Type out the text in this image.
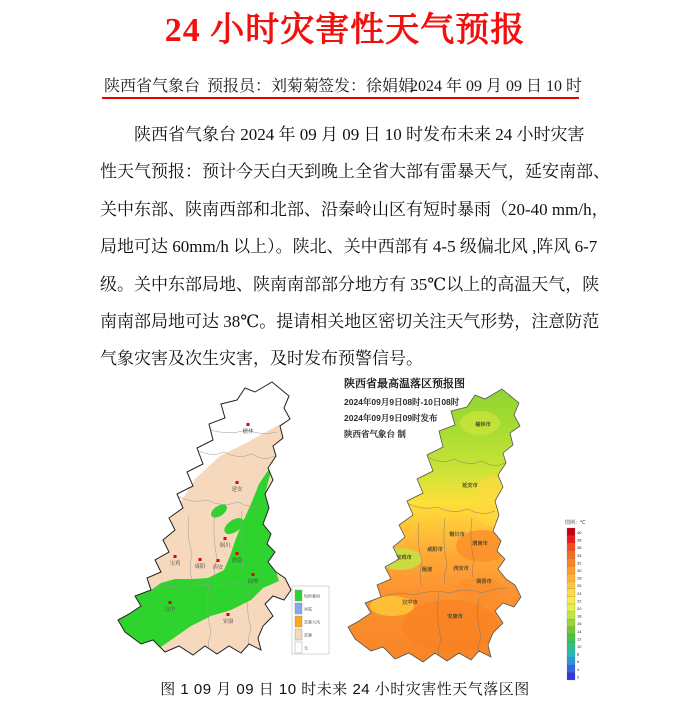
24 小时灾害性天气预报
陕西省气象台 预报员：刘菊菊
签发：徐娟娟
2024 年 09 月 09 日 10 时
　　陕西省气象台 2024 年 09 月 09 日 10 时发布未来 24 小时灾害
性天气预报：预计今天白天到晚上全省大部有雷暴天气，延安南部、
关中东部、陕南西部和北部、沿秦岭山区有短时暴雨（20-40 mm/h，
局地可达 60mm/h 以上）。陕北、关中西部有 4-5 级偏北风 ,阵风 6-7
级。关中东部局地、陕南南部部分地方有 35℃以上的高温天气，陕
南南部局地可达 38℃。提请相关地区密切关注天气形势，注意防范
气象灾害及次生灾害，及时发布预警信号。
榆林
延安
铜川
渭南
宝鸡	咸阳 西安
商州
汉中
安康
短时暴雨
冰雹
雷暴大风
雷暴
无
榆林市
延安市
铜川市
渭南市
咸阳市
宝鸡市
杨凌	西安市
商洛市
汉中市
安康市
图例：℃
40
38
36
34
32
30
28
26
24
22
20
18
16
14
12
10
8
6
4
2
陕西省最高温落区预报图
2024年09月9日08时-10日08时
2024年09月9日09时发布
陕西省气象台 制
图 1 09 月 09 日 10 时未来 24 小时灾害性天气落区图
